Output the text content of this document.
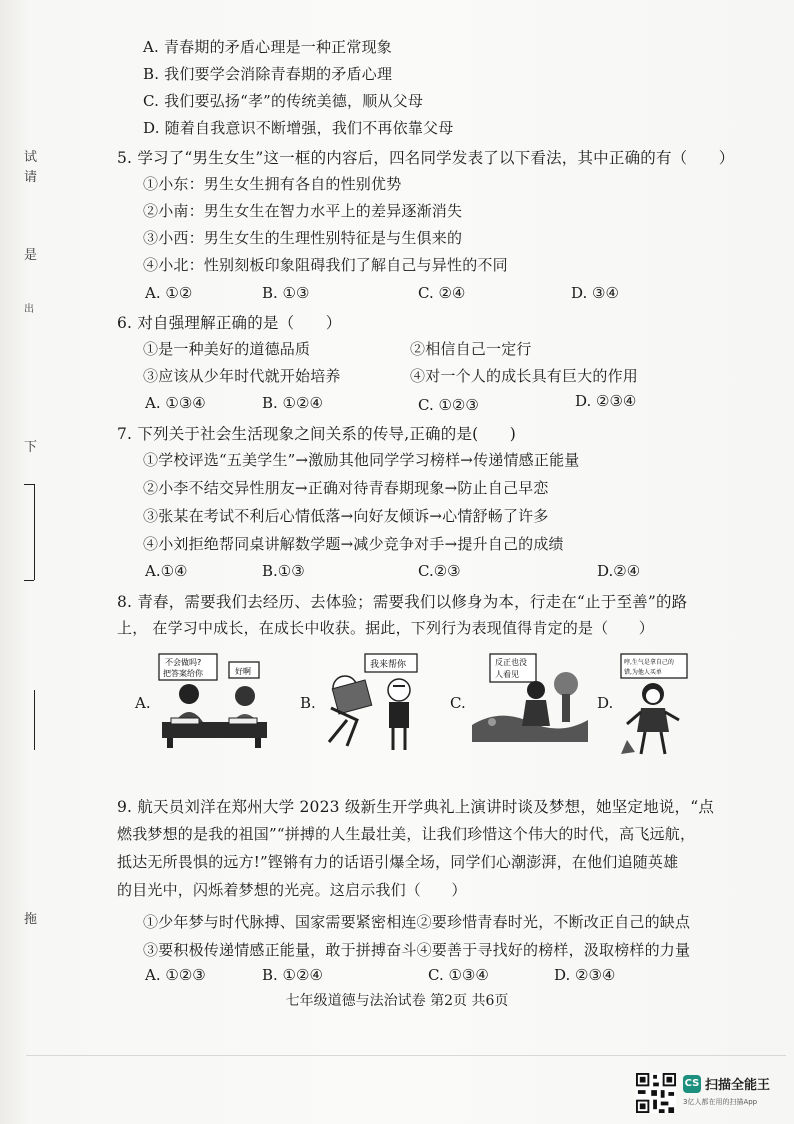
试
请
是
出
下
拖
A. 青春期的矛盾心理是一种正常现象
B. 我们要学会消除青春期的矛盾心理
C. 我们要弘扬“孝”的传统美德，顺从父母
D. 随着自我意识不断增强，我们不再依靠父母
5. 学习了“男生女生”这一框的内容后，四名同学发表了以下看法，其中正确的有（　　）
①小东：男生女生拥有各自的性别优势
②小南：男生女生在智力水平上的差异逐渐消失
③小西：男生女生的生理性别特征是与生俱来的
④小北：性别刻板印象阻碍我们了解自己与异性的不同
A. ①②	B. ①③	C. ②④	D. ③④
6. 对自强理解正确的是（　　）
①是一种美好的道德品质	②相信自己一定行
③应该从少年时代就开始培养	④对一个人的成长具有巨大的作用
A. ①③④	B. ①②④	C. ①②③	D. ②③④
7. 下列关于社会生活现象之间关系的传导,正确的是(　　)
①学校评选“五美学生”→激励其他同学学习榜样→传递情感正能量
②小李不结交异性朋友→正确对待青春期现象→防止自己早恋
③张某在考试不利后心情低落→向好友倾诉→心情舒畅了许多
④小刘拒绝帮同桌讲解数学题→减少竞争对手→提升自己的成绩
A.①④	B.①③	C.②③	D.②④
8. 青春，需要我们去经历、去体验；需要我们以修身为本，行走在“止于至善”的路
上， 在学习中成长，在成长中收获。据此，下列行为表现值得肯定的是（　　）
A.
不会做吗?
把答案给你	好啊
B.
我来帮你
C.
反正也没
人看见
D.
哼,生气是拿自己的
错,为他人买单
9. 航天员刘洋在郑州大学 2023 级新生开学典礼上演讲时谈及梦想，她坚定地说，“点
燃我梦想的是我的祖国”“拼搏的人生最壮美，让我们珍惜这个伟大的时代，高飞远航，
抵达无所畏惧的远方!”铿锵有力的话语引爆全场，同学们心潮澎湃，在他们追随英雄
的目光中，闪烁着梦想的光亮。这启示我们（　　）
①少年梦与时代脉搏、国家需要紧密相连②要珍惜青春时光，不断改正自己的缺点
③要积极传递情感正能量，敢于拼搏奋斗④要善于寻找好的榜样，汲取榜样的力量
A. ①②③	B. ①②④	C. ①③④	D. ②③④
七年级道德与法治试卷 第2页 共6页
CS 扫描全能王
3亿人都在用的扫描App
